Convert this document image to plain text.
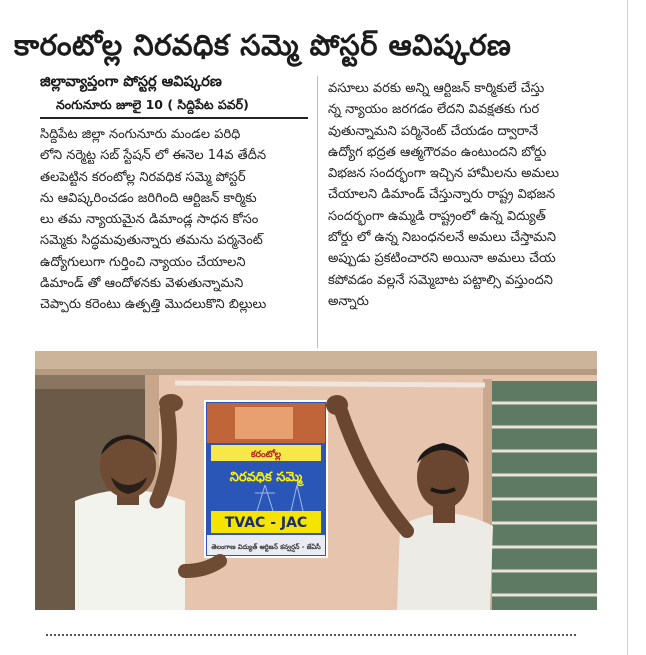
కారంటోల్ల నిరవధిక సమ్మె పోస్టర్ ఆవిష్కరణ
జిల్లావ్యాప్తంగా పోస్టర్ల ఆవిష్కరణ
నంగునూరు జూలై 10 ( సిద్దిపేట పవర్)
సిద్దిపేట జిల్లా నంగునూరు మండల పరిధి
లోని నర్మెట్ట సబ్ స్టేషన్ లో ఈనెల 14వ తేదీన
తలపెట్టిన కరంటోల్ల నిరవధిక సమ్మె పోస్టర్
ను ఆవిష్కరించడం జరిగింది ఆర్టిజన్ కార్మికు
లు తమ న్యాయమైన డిమాండ్ల సాధన కోసం
సమ్మెకు సిద్ధమవుతున్నారు తమను పర్మనెంట్
ఉద్యోగులుగా గుర్తించి న్యాయం చేయాలని
డిమాండ్ తో ఆందోళనకు వెళుతున్నామని
చెప్పారు కరెంటు ఉత్పత్తి మొదలుకొని బిల్లులు
వసూలు వరకు అన్ని ఆర్టిజన్ కార్మికులే చేస్తు
న్న న్యాయం జరగడం లేదని వివక్షతకు గుర
వుతున్నామని పర్మినెంట్ చేయడం ద్వారానే
ఉద్యోగ భద్రత ఆత్మగౌరవం ఉంటుందని బోర్డు
విభజన సందర్భంగా ఇచ్చిన హామీలను అమలు
చేయాలని డిమాండ్ చేస్తున్నారు రాష్ట్ర విభజన
సందర్భంగా ఉమ్మడి రాష్ట్రంలో ఉన్న విద్యుత్
బోర్డు లో ఉన్న నిబంధనలనే అమలు చేస్తామని
అప్పుడు ప్రకటించారని అయినా అమలు చేయ
కపోవడం వల్లనే సమ్మెబాట పట్టాల్సి వస్తుందని
అన్నారు
కరంటోల్ల
నిరవధిక సమ్మె
TVAC - JAC
తెలంగాణ విద్యుత్ ఆర్టిజన్ కన్వర్షన్ - జేఏసీ
